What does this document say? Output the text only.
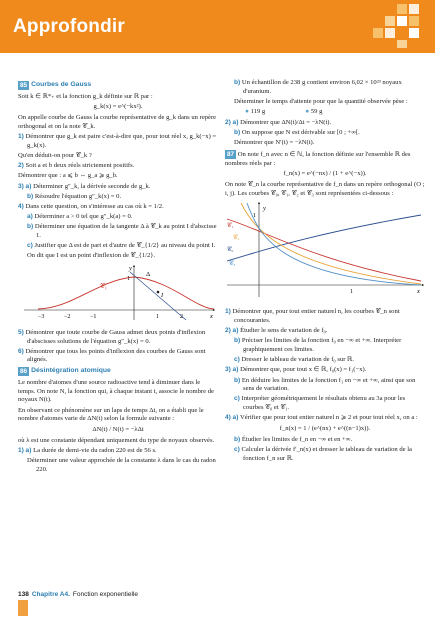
Approfondir
85 Courbes de Gauss
Soit k ∈ ℝ*₊ et la fonction g_k définie sur ℝ par :
g_k(x) = e^(−kx²).
On appelle courbe de Gauss la courbe représentative de g_k dans un repère orthogonal et on la note 𝒞_k.
1) Démontrer que g_k est paire c'est-à-dire que, pour tout réel x, g_k(−x) = g_k(x).
Qu'en déduit-on pour 𝒞_k ?
2) Soit a et b deux réels strictement positifs.
Démontrer que : a ⩽ b ⇔ g_a ⩾ g_b.
3) a) Déterminer g″_k, la dérivée seconde de g_k.
b) Résoudre l'équation g″_k(x) = 0.
4) Dans cette question, on s'intéresse au cas où k = 1/2.
a) Déterminer a > 0 tel que g″_k(a) = 0.
b) Déterminer une équation de la tangente Δ à 𝒞_k au point I d'abscisse 1.
c) Justifier que Δ est de part et d'autre de 𝒞_{1/2} au niveau du point I.
On dit que I est un point d'inflexion de 𝒞_{1/2}.
y
x
Δ
I
𝒞₁
1
−3	−2	−1	1	2
5) Démontrer que toute courbe de Gauss admet deux points d'inflexion d'abscisses solutions de l'équation g″_k(x) = 0.
6) Démontrer que tous les points d'inflexion des courbes de Gauss sont alignés.
86 Désintégration atomique
Le nombre d'atomes d'une source radioactive tend à diminuer dans le temps. On note N, la fonction qui, à chaque instant t, associe le nombre de noyaux N(t).
En observant ce phénomène sur un laps de temps Δt, on a établi que le nombre d'atomes varie de ΔN(t) selon la formule suivante :
ΔN(t) / N(t) = −λΔt
où λ est une constante dépendant uniquement du type de noyaux observés.
1) a) La durée de demi-vie du radon 220 est de 56 s.
Déterminer une valeur approchée de la constante λ dans le cas du radon 220.
b) Un échantillon de 238 g contient environ 6,02 × 10²³ noyaux d'uranium.
Déterminer le temps d'attente pour que la quantité observée pèse :
● 119 g	● 59 g
2) a) Démontrer que ΔN(t)/Δt = −λN(t).
b) On suppose que N est dérivable sur [0 ; +∞[.
Démontrer que N′(t) = −λN(t).
87 On note f_n avec n ∈ ℕ, la fonction définie sur l'ensemble ℝ des nombres réels par :
f_n(x) = e^(−nx) / (1 + e^(−x)).
On note 𝒞_n la courbe représentative de f_n dans un repère orthogonal (O ; i, j). Les courbes 𝒞₀, 𝒞₁, 𝒞₂ et 𝒞₃ sont représentées ci-dessous :
y
x
1
1
𝒞₂
𝒞₁
𝒞₀
𝒞₃
1) Démontrer que, pour tout entier naturel n, les courbes 𝒞_n sont concourantes.
2) a) Étudier le sens de variation de f₀.
b) Préciser les limites de la fonction f₀ en −∞ et +∞. Interpréter graphiquement ces limites.
c) Dresser le tableau de variation de f₀ sur ℝ.
3) a) Démontrer que, pour tout x ∈ ℝ, f₀(x) = f₁(−x).
b) En déduire les limites de la fonction f₁ en −∞ et +∞, ainsi que son sens de variation.
c) Interpréter géométriquement le résultats obtenu au 3a pour les courbes 𝒞₀ et 𝒞₁.
4) a) Vérifier que pour tout entier naturel n ⩾ 2 et pour tout réel x, on a :
f_n(x) = 1 / (e^(nx) + e^((n−1)x)).
b) Étudier les limites de f_n en −∞ et en +∞.
c) Calculer la dérivée f′_n(x) et dresser le tableau de variation de la fonction f_n sur ℝ.
138 Chapitre A4. Fonction exponentielle
